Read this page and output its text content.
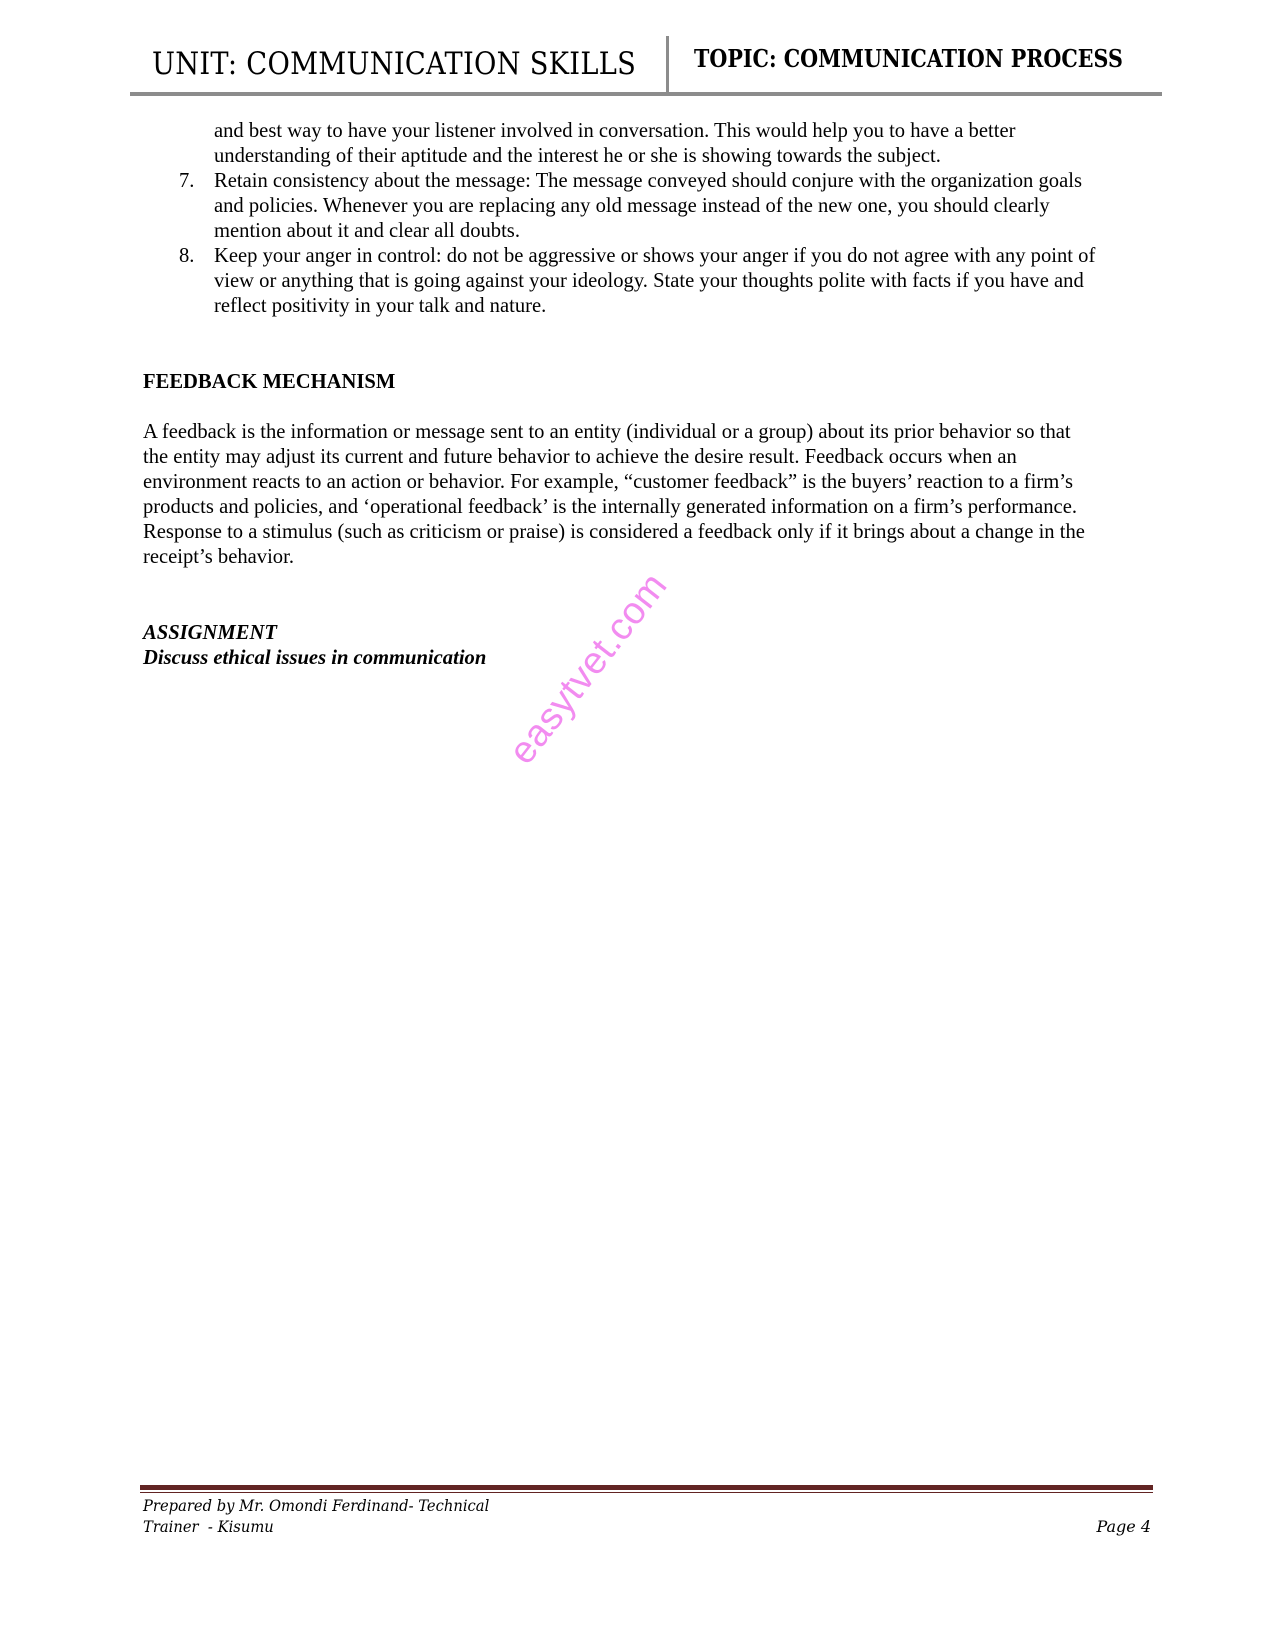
UNIT: COMMUNICATION SKILLS TOPIC: COMMUNICATION PROCESS
and best way to have your listener involved in conversation. This would help you to have a better
understanding of their aptitude and the interest he or she is showing towards the subject.
7. Retain consistency about the message: The message conveyed should conjure with the organization goals
and policies. Whenever you are replacing any old message instead of the new one, you should clearly
mention about it and clear all doubts.
8. Keep your anger in control: do not be aggressive or shows your anger if you do not agree with any point of
view or anything that is going against your ideology. State your thoughts polite with facts if you have and
reflect positivity in your talk and nature.
FEEDBACK MECHANISM
A feedback is the information or message sent to an entity (individual or a group) about its prior behavior so that
the entity may adjust its current and future behavior to achieve the desire result. Feedback occurs when an
environment reacts to an action or behavior. For example, “customer feedback” is the buyers’ reaction to a firm’s
products and policies, and ‘operational feedback’ is the internally generated information on a firm’s performance.
Response to a stimulus (such as criticism or praise) is considered a feedback only if it brings about a change in the
receipt’s behavior.
ASSIGNMENT
Discuss ethical issues in communication easytvet.com
Prepared by Mr. Omondi Ferdinand- Technical
Trainer  - Kisumu	Page 4
